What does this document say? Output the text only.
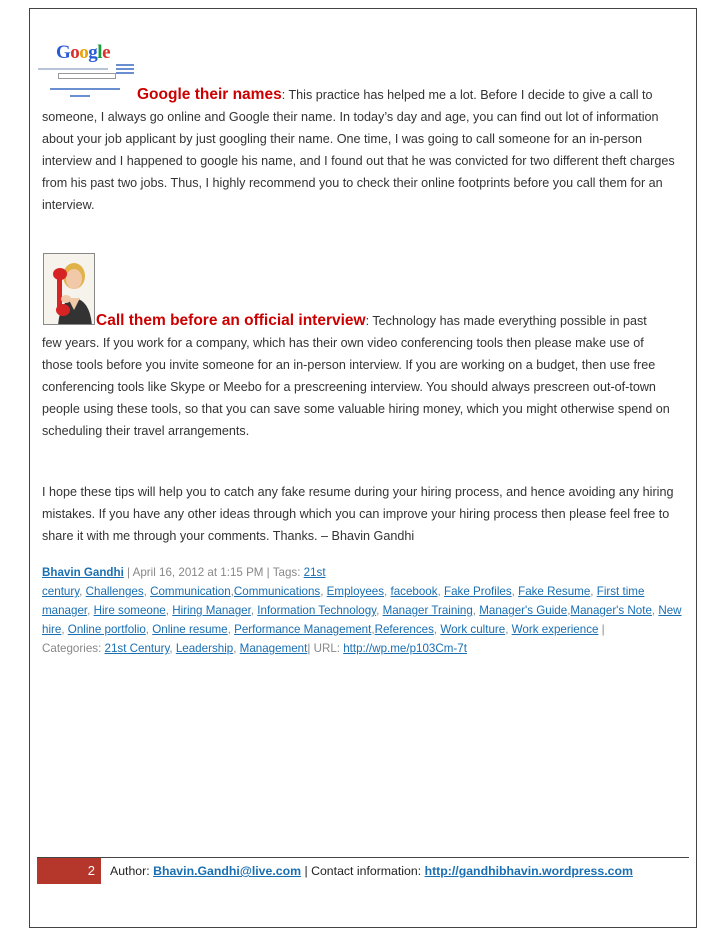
Google
Google their names: This practice has helped me a lot. Before I decide to give a call to
someone, I always go online and Google their name. In today’s day and age, you can find out lot of information
about your job applicant by just googling their name. One time, I was going to call someone for an in-person
interview and I happened to google his name, and I found out that he was convicted for two different theft charges
from his past two jobs. Thus, I highly recommend you to check their online footprints before you call them for an
interview.
Call them before an official interview: Technology has made everything possible in past
few years. If you work for a company, which has their own video conferencing tools then please make use of
those tools before you invite someone for an in-person interview. If you are working on a budget, then use free
conferencing tools like Skype or Meebo for a prescreening interview. You should always prescreen out-of-town
people using these tools, so that you can save some valuable hiring money, which you might otherwise spend on
scheduling their travel arrangements.
I hope these tips will help you to catch any fake resume during your hiring process, and hence avoiding any hiring
mistakes. If you have any other ideas through which you can improve your hiring process then please feel free to
share it with me through your comments. Thanks. – Bhavin Gandhi
Bhavin Gandhi | April 16, 2012 at 1:15 PM | Tags: 21st
century, Challenges, Communication,Communications, Employees, facebook, Fake Profiles, Fake Resume, First time
manager, Hire someone, Hiring Manager, Information Technology, Manager Training, Manager's Guide,Manager's Note, New
hire, Online portfolio, Online resume, Performance Management,References, Work culture, Work experience |
Categories: 21st Century, Leadership, Management| URL: http://wp.me/p103Cm-7t
2	Author: Bhavin.Gandhi@live.com | Contact information: http://gandhibhavin.wordpress.com
